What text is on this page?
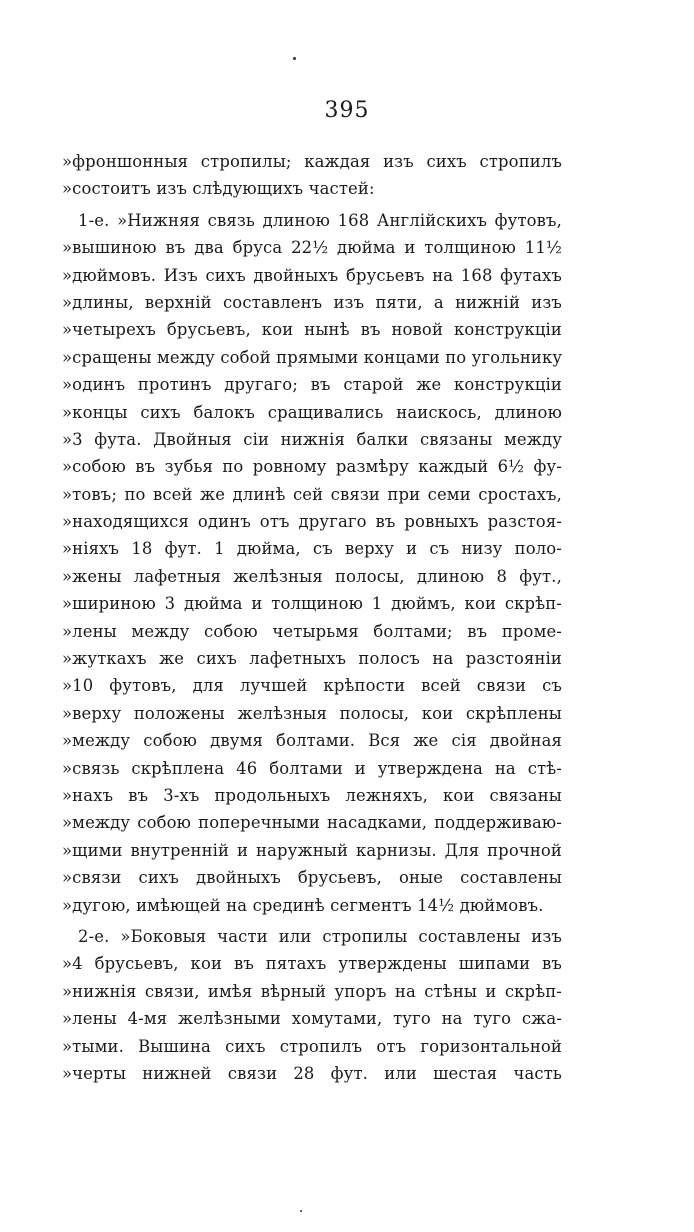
395
»фроншонныя стропилы; каждая изъ сихъ стропилъ
»состоитъ изъ слѣдующихъ частей:
1-е. »Нижняя связь длиною 168 Англійскихъ футовъ,
»вышиною въ два бруса 22½ дюйма и толщиною 11½
»дюймовъ. Изъ сихъ двойныхъ брусьевъ на 168 футахъ
»длины, верхній составленъ изъ пяти, а нижній изъ
»четырехъ брусьевъ, кои нынѣ въ новой конструкціи
»сращены между собой прямыми концами по угольнику
»одинъ протинъ другаго; въ старой же конструкціи
»концы сихъ балокъ сращивались наискось, длиною
»3 фута. Двойныя сіи нижнія балки связаны между
»собою въ зубья по ровному размѣру каждый 6½ фу-
»товъ; по всей же длинѣ сей связи при семи сростахъ,
»находящихся одинъ отъ другаго въ ровныхъ разстоя-
»ніяхъ 18 фут. 1 дюйма, съ верху и съ низу поло-
»жены лафетныя желѣзныя полосы, длиною 8 фут.,
»шириною 3 дюйма и толщиною 1 дюймъ, кои скрѣп-
»лены между собою четырьмя болтами; въ проме-
»жуткахъ же сихъ лафетныхъ полосъ на разстояніи
»10 футовъ, для лучшей крѣпости всей связи съ
»верху положены желѣзныя полосы, кои скрѣплены
»между собою двумя болтами. Вся же сія двойная
»связь скрѣплена 46 болтами и утверждена на стѣ-
»нахъ въ 3-хъ продольныхъ лежняхъ, кои связаны
»между собою поперечными насадками, поддерживаю-
»щими внутренній и наружный карнизы. Для прочной
»связи сихъ двойныхъ брусьевъ, оные составлены
»дугою, имѣющей на срединѣ сегментъ 14½ дюймовъ.
2-е. »Боковыя части или стропилы составлены изъ
»4 брусьевъ, кои въ пятахъ утверждены шипами въ
»нижнія связи, имѣя вѣрный упоръ на стѣны и скрѣп-
»лены 4-мя желѣзными хомутами, туго на туго сжа-
»тыми. Вышина сихъ стропилъ отъ горизонтальной
»черты нижней связи 28 фут. или шестая часть
